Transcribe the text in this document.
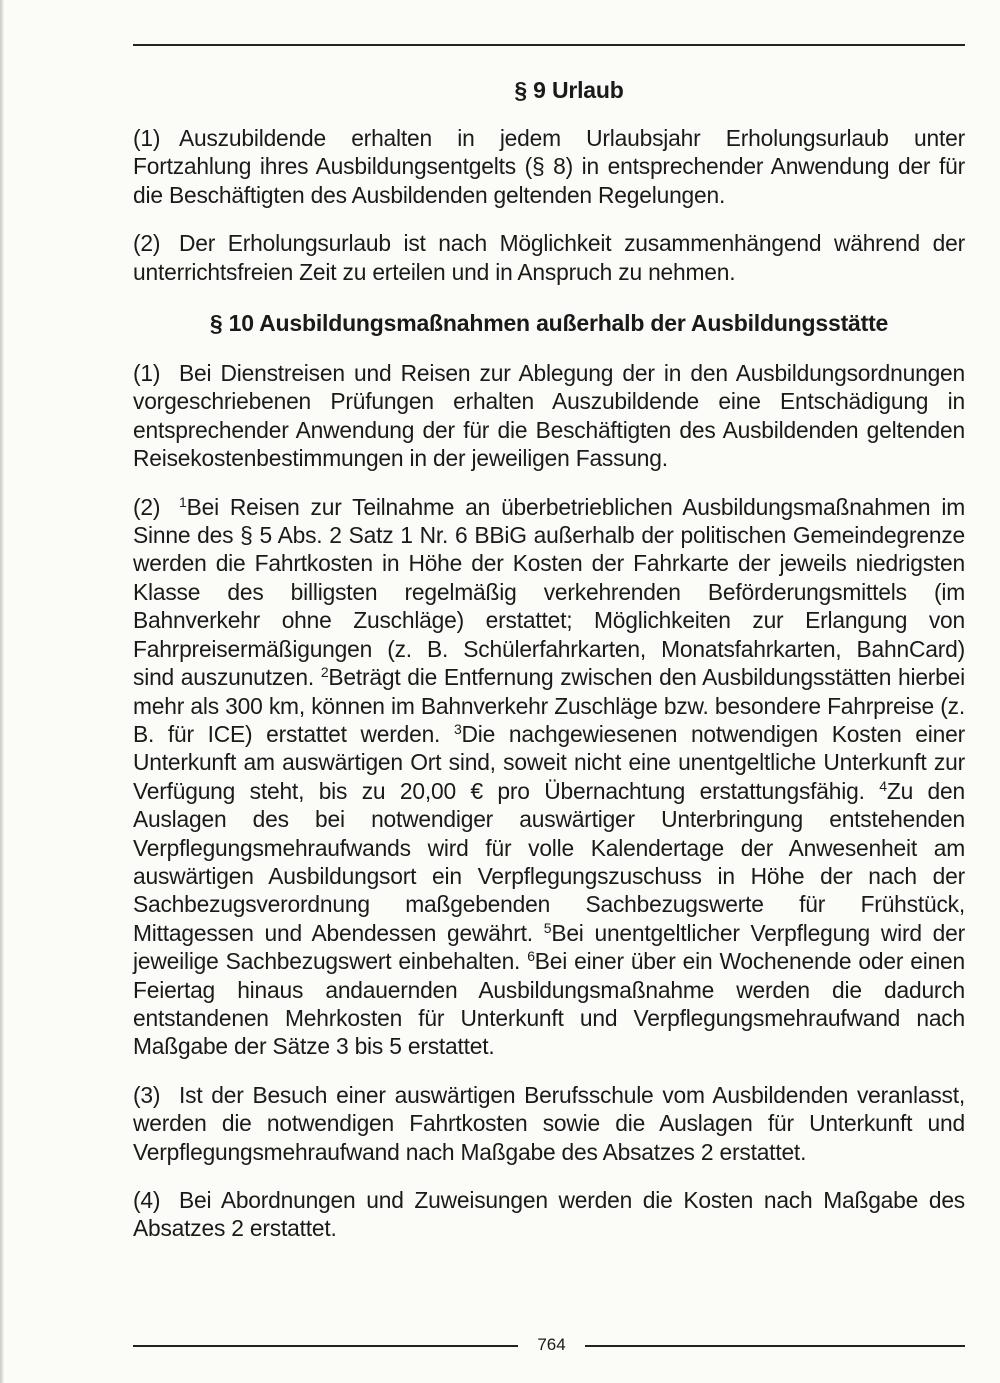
§ 9 Urlaub

(1) Auszubildende erhalten in jedem Urlaubsjahr Erholungsurlaub unter Fortzahlung ihres Ausbildungsentgelts (§ 8) in entsprechender Anwendung der für die Beschäftigten des Ausbildenden geltenden Regelungen.

(2) Der Erholungsurlaub ist nach Möglichkeit zusammenhängend während der unterrichtsfreien Zeit zu erteilen und in Anspruch zu nehmen.

§ 10 Ausbildungsmaßnahmen außerhalb der Ausbildungsstätte

(1) Bei Dienstreisen und Reisen zur Ablegung der in den Ausbildungsordnungen vorgeschriebenen Prüfungen erhalten Auszubildende eine Entschädigung in entsprechender Anwendung der für die Beschäftigten des Ausbildenden geltenden Reisekostenbestimmungen in der jeweiligen Fassung.

(2) $^1$Bei Reisen zur Teilnahme an überbetrieblichen Ausbildungsmaßnahmen im Sinne des § 5 Abs. 2 Satz 1 Nr. 6 BBiG außerhalb der politischen Gemeindegrenze werden die Fahrtkosten in Höhe der Kosten der Fahrkarte der jeweils niedrigsten Klasse des billigsten regelmäßig verkehrenden Beförderungsmittels (im Bahnverkehr ohne Zuschläge) erstattet; Möglichkeiten zur Erlangung von Fahrpreisermäßigungen (z. B. Schülerfahrkarten, Monatsfahrkarten, BahnCard) sind auszunutzen. $^2$Beträgt die Entfernung zwischen den Ausbildungsstätten hierbei mehr als 300 km, können im Bahnverkehr Zuschläge bzw. besondere Fahrpreise (z. B. für ICE) erstattet werden. $^3$Die nachgewiesenen notwendigen Kosten einer Unterkunft am auswärtigen Ort sind, soweit nicht eine unentgeltliche Unterkunft zur Verfügung steht, bis zu 20,00 € pro Übernachtung erstattungsfähig. $^4$Zu den Auslagen des bei notwendiger auswärtiger Unterbringung entstehenden Verpflegungsmehraufwands wird für volle Kalendertage der Anwesenheit am auswärtigen Ausbildungsort ein Verpflegungszuschuss in Höhe der nach der Sachbezugsverordnung maßgebenden Sachbezugswerte für Frühstück, Mittagessen und Abendessen gewährt. $^5$Bei unentgeltlicher Verpflegung wird der jeweilige Sachbezugswert einbehalten. $^6$Bei einer über ein Wochenende oder einen Feiertag hinaus andauernden Ausbildungsmaßnahme werden die dadurch entstandenen Mehrkosten für Unterkunft und Verpflegungsmehraufwand nach Maßgabe der Sätze 3 bis 5 erstattet.

(3) Ist der Besuch einer auswärtigen Berufsschule vom Ausbildenden veranlasst, werden die notwendigen Fahrtkosten sowie die Auslagen für Unterkunft und Verpflegungsmehraufwand nach Maßgabe des Absatzes 2 erstattet.

(4) Bei Abordnungen und Zuweisungen werden die Kosten nach Maßgabe des Absatzes 2 erstattet.

764
